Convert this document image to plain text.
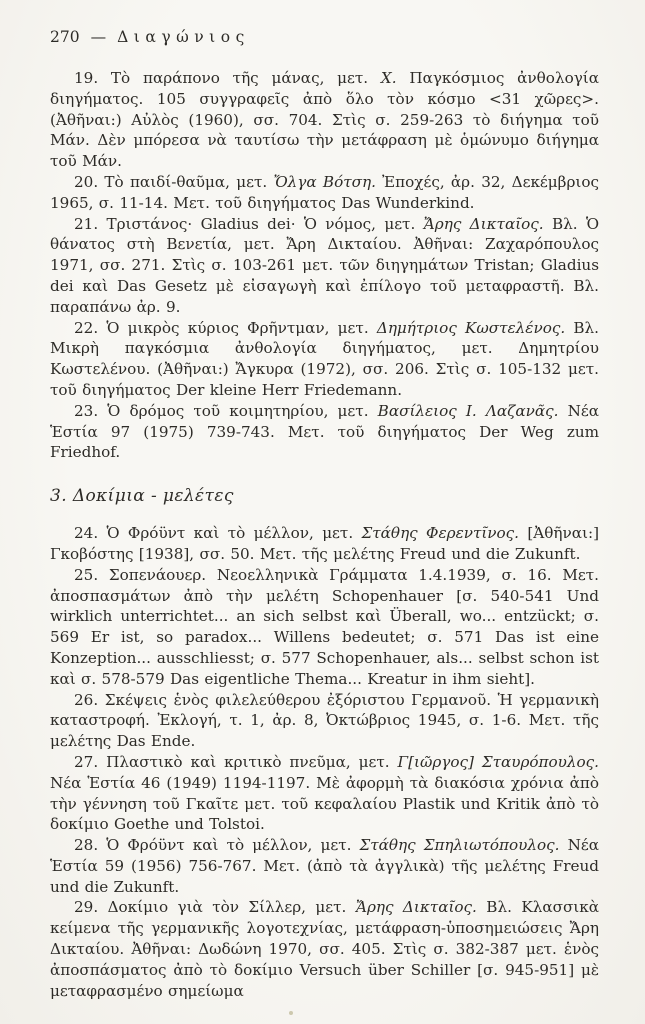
270 — Διαγώνιος

19. Τὸ παράπονο τῆς μάνας, μετ. Χ. Παγκόσμιος ἀνθολογία διηγήματος. 105 συγγραφεῖς ἀπὸ ὅλο τὸν κόσμο <31 χῶρες>. (Ἀθῆναι:) Αὐλὸς (1960), σσ. 704. Στὶς σ. 259-263 τὸ διήγημα τοῦ Μάν. Δὲν μπόρεσα νὰ ταυτίσω τὴν μετάφραση μὲ ὁμώνυμο διήγημα τοῦ Μάν.

20. Τὸ παιδί-θαῦμα, μετ. Ὄλγα Βότση. Ἐποχές, ἀρ. 32, Δεκέμβριος 1965, σ. 11-14. Μετ. τοῦ διηγήματος Das Wunderkind.

21. Τριστάνος· Gladius dei· Ὁ νόμος, μετ. Ἄρης Δικταῖος. Βλ. Ὁ θάνατος στὴ Βενετία, μετ. Ἄρη Δικταίου. Ἀθῆναι: Ζαχαρόπουλος 1971, σσ. 271. Στὶς σ. 103-261 μετ. τῶν διηγημάτων Tristan; Gladius dei καὶ Das Gesetz μὲ εἰσαγωγὴ καὶ ἐπίλογο τοῦ μεταφραστῆ. Βλ. παραπάνω ἀρ. 9.

22. Ὁ μικρὸς κύριος Φρῆντμαν, μετ. Δημήτριος Κωστελένος. Βλ. Μικρὴ παγκόσμια ἀνθολογία διηγήματος, μετ. Δημητρίου Κωστελένου. (Ἀθῆναι:) Ἄγκυρα (1972), σσ. 206. Στὶς σ. 105-132 μετ. τοῦ διηγήματος Der kleine Herr Friedemann.

23. Ὁ δρόμος τοῦ κοιμητηρίου, μετ. Βασίλειος Ι. Λαζανᾶς. Νέα Ἑστία 97 (1975) 739-743. Μετ. τοῦ διηγήματος Der Weg zum Friedhof.

3. Δοκίμια - μελέτες

24. Ὁ Φρόϋντ καὶ τὸ μέλλον, μετ. Στάθης Φερεντῖνος. [Ἀθῆναι:] Γκοβόστης [1938], σσ. 50. Μετ. τῆς μελέτης Freud und die Zukunft.

25. Σοπενάουερ. Νεοελληνικὰ Γράμματα 1.4.1939, σ. 16. Μετ. ἀποσπασμάτων ἀπὸ τὴν μελέτη Schopenhauer [σ. 540-541 Und wirklich unterrichtet... an sich selbst καὶ Überall, wo... entzückt; σ. 569 Er ist, so paradox... Willens bedeutet; σ. 571 Das ist eine Konzeption... ausschliesst; σ. 577 Schopenhauer, als... selbst schon ist καὶ σ. 578-579 Das eigentliche Thema... Kreatur in ihm sieht].

26. Σκέψεις ἑνὸς φιλελεύθερου ἐξόριστου Γερμανοῦ. Ἡ γερμανικὴ καταστροφή. Ἐκλογή, τ. 1, ἀρ. 8, Ὀκτώβριος 1945, σ. 1-6. Μετ. τῆς μελέτης Das Ende.

27. Πλαστικὸ καὶ κριτικὸ πνεῦμα, μετ. Γ[ιῶργος] Σταυρόπουλος. Νέα Ἑστία 46 (1949) 1194-1197. Μὲ ἀφορμὴ τὰ διακόσια χρόνια ἀπὸ τὴν γέννηση τοῦ Γκαῖτε μετ. τοῦ κεφαλαίου Plastik und Kritik ἀπὸ τὸ δοκίμιο Goethe und Tolstoi.

28. Ὁ Φρόϋντ καὶ τὸ μέλλον, μετ. Στάθης Σπηλιωτόπουλος. Νέα Ἑστία 59 (1956) 756-767. Μετ. (ἀπὸ τὰ ἀγγλικὰ) τῆς μελέτης Freud und die Zukunft.

29. Δοκίμιο γιὰ τὸν Σίλλερ, μετ. Ἄρης Δικταῖος. Βλ. Κλασσικὰ κείμενα τῆς γερμανικῆς λογοτεχνίας, μετάφραση-ὑποσημειώσεις Ἄρη Δικταίου. Ἀθῆναι: Δωδώνη 1970, σσ. 405. Στὶς σ. 382-387 μετ. ἑνὸς ἀποσπάσματος ἀπὸ τὸ δοκίμιο Versuch über Schiller [σ. 945-951] μὲ μεταφρασμένο σημείωμα
